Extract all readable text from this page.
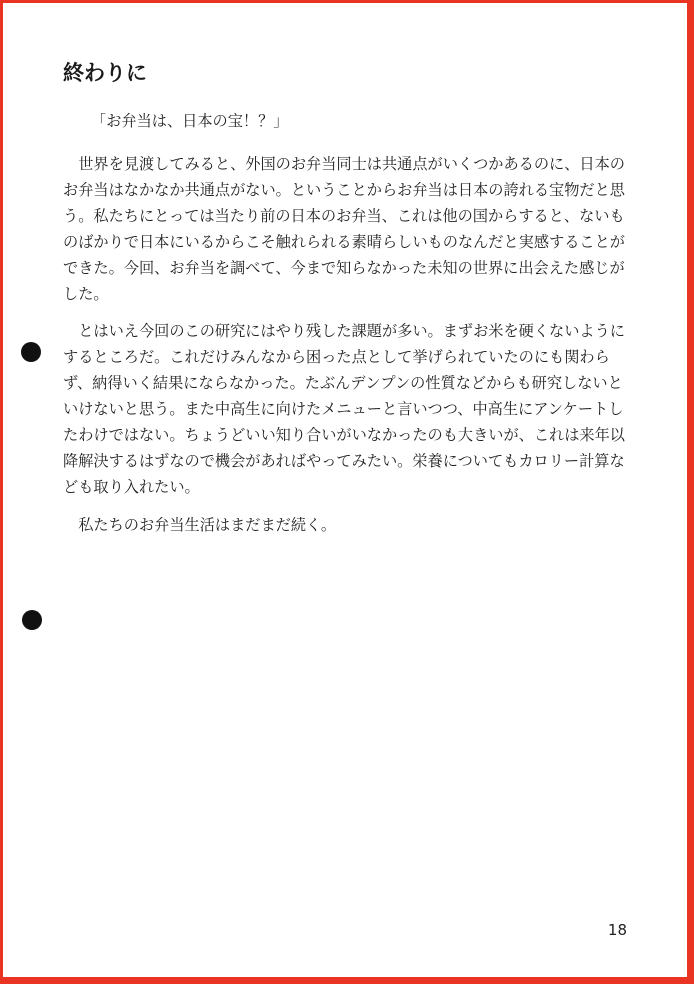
終わりに

「お弁当は、日本の宝！？」

　世界を見渡してみると、外国のお弁当同士は共通点がいくつかあるのに、日本の
お弁当はなかなか共通点がない。ということからお弁当は日本の誇れる宝物だと思
う。私たちにとっては当たり前の日本のお弁当、これは他の国からすると、ないも
のばかりで日本にいるからこそ触れられる素晴らしいものなんだと実感することが
できた。今回、お弁当を調べて、今まで知らなかった未知の世界に出会えた感じが
した。

　とはいえ今回のこの研究にはやり残した課題が多い。まずお米を硬くないように
するところだ。これだけみんなから困った点として挙げられていたのにも関わら
ず、納得いく結果にならなかった。たぶんデンプンの性質などからも研究しないと
いけないと思う。また中高生に向けたメニューと言いつつ、中高生にアンケートし
たわけではない。ちょうどいい知り合いがいなかったのも大きいが、これは来年以
降解決するはずなので機会があればやってみたい。栄養についてもカロリー計算な
ども取り入れたい。

　私たちのお弁当生活はまだまだ続く。

18
